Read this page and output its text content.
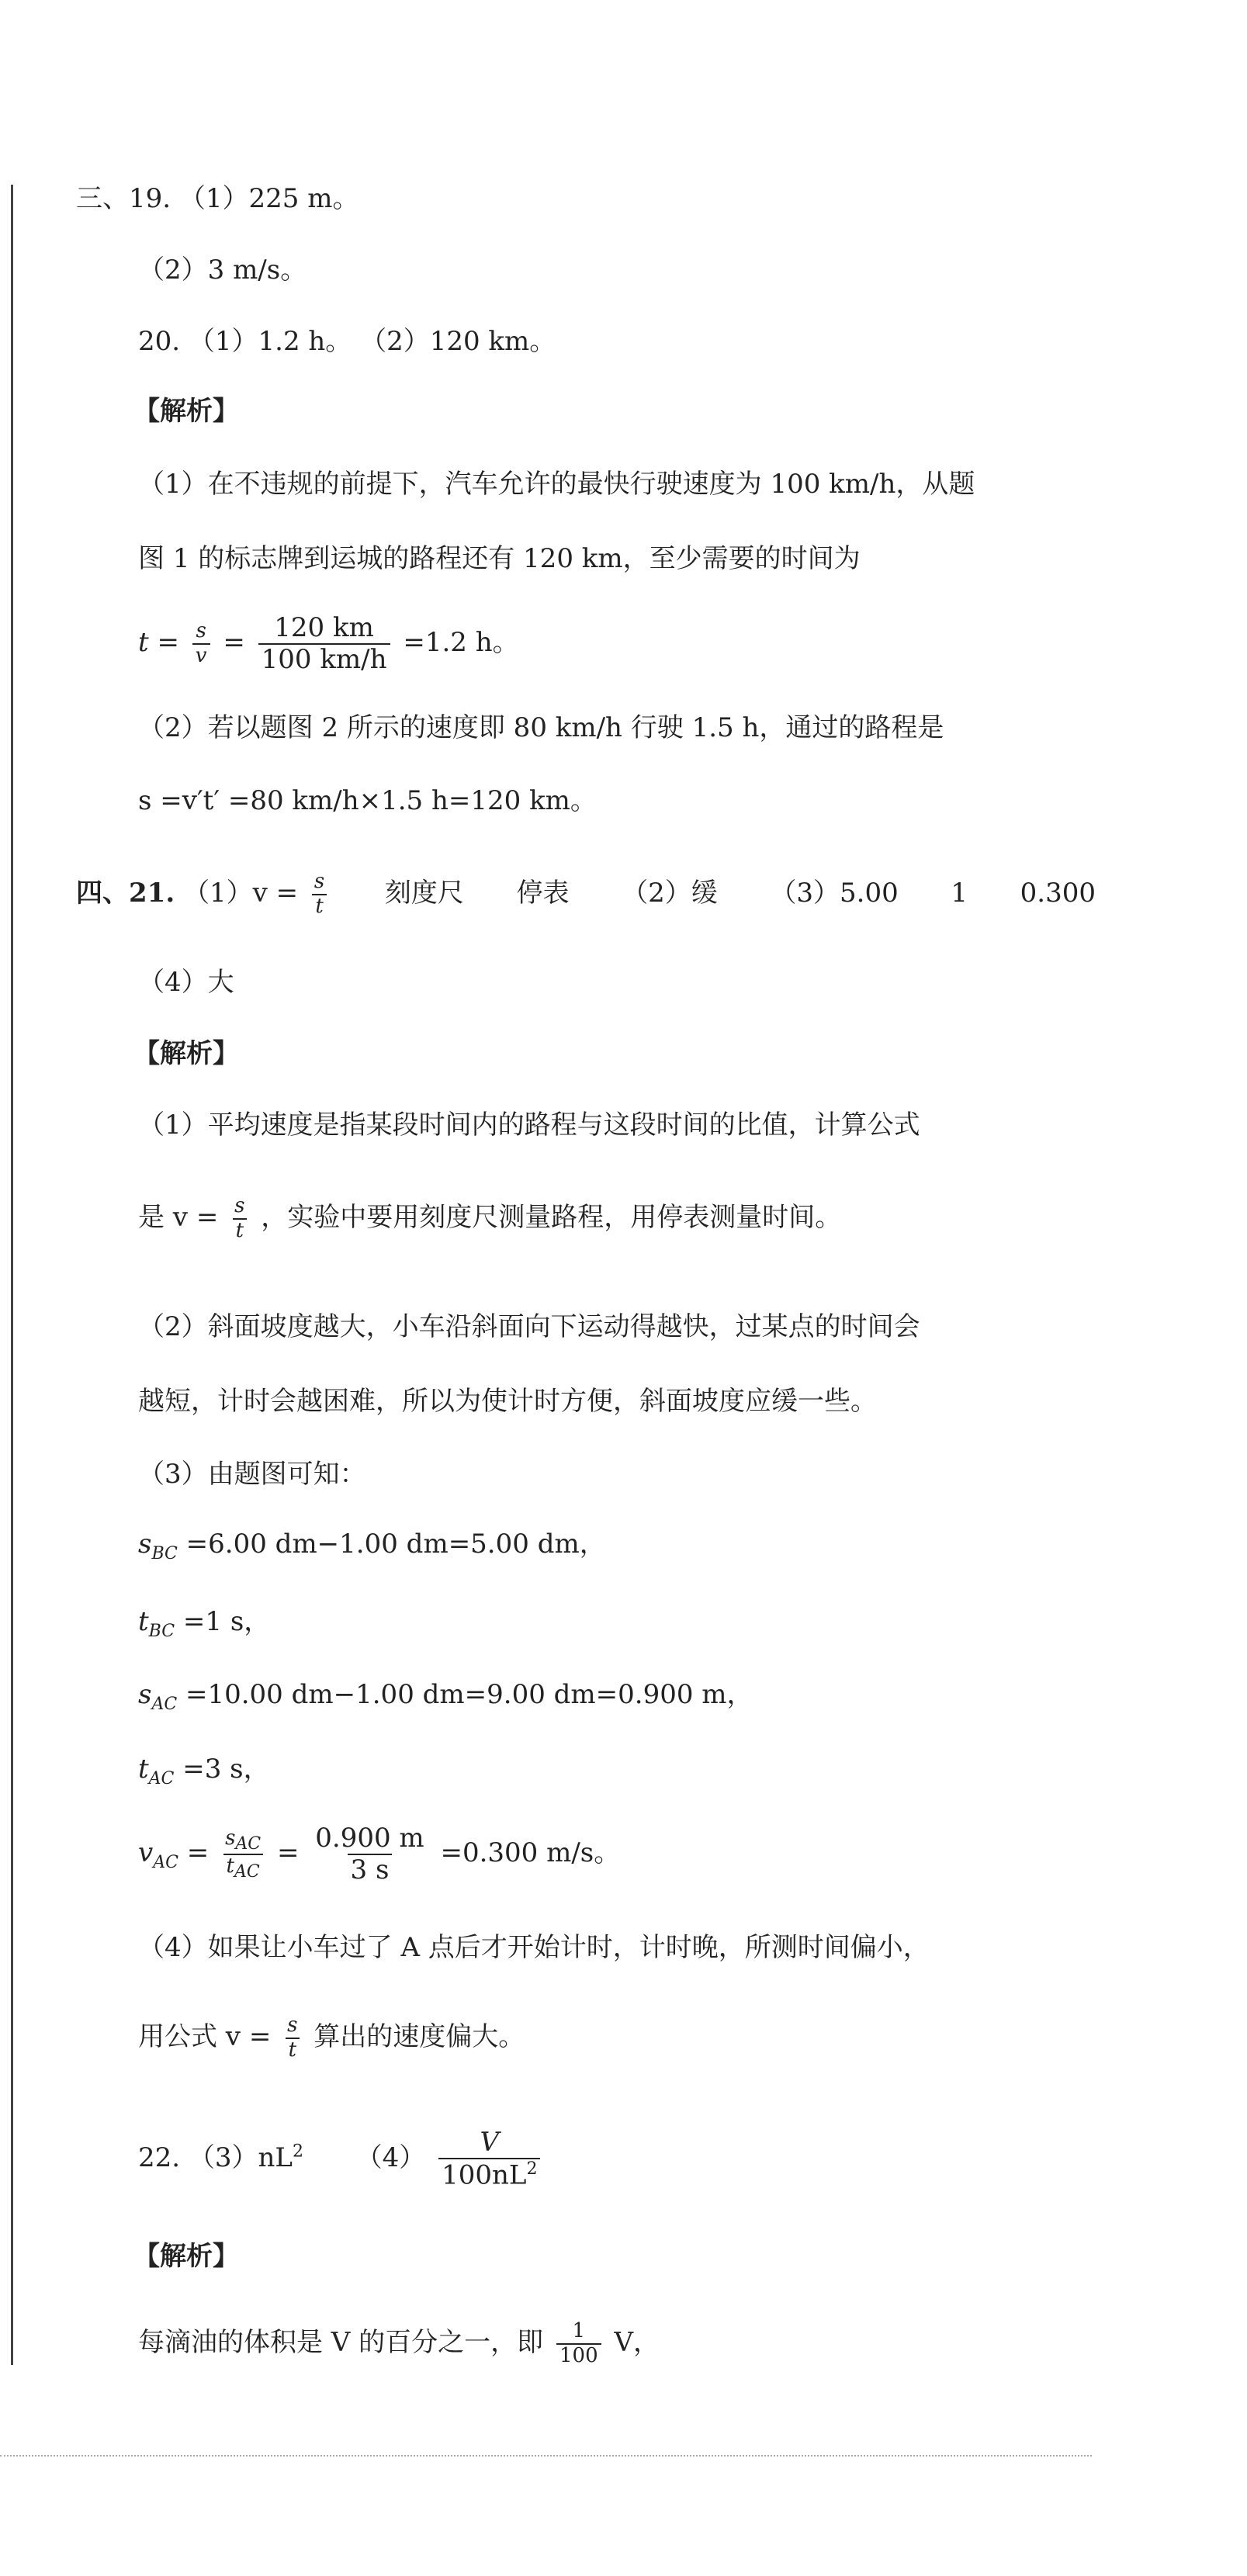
三、19. （1）225 m。
（2）3 m/s。
20. （1）1.2 h。 （2）120 km。
【解析】
（1）在不违规的前提下，汽车允许的最快行驶速度为 100 km/h，从题
图 1 的标志牌到运城的路程还有 120 km，至少需要的时间为
$t = \frac{s}{v} = \frac{120 km}{100 km/h} =1.2$ h。
（2）若以题图 2 所示的速度即 80 km/h 行驶 1.5 h，通过的路程是
s =v′t′ =80 km/h×1.5 h=120 km。
四、21. $(1)v = \frac{s}{t}$ 刻度尺 停表 （2）缓 （3）5.00 1 0.300
（4）大
【解析】
（1）平均速度是指某段时间内的路程与这段时间的比值，计算公式
是 $v = \frac{s}{t}$ ，实验中要用刻度尺测量路程，用停表测量时间。
（2）斜面坡度越大，小车沿斜面向下运动得越快，过某点的时间会
越短，计时会越困难，所以为使计时方便，斜面坡度应缓一些。
（3）由题图可知：
$s_{BC} =6.00$ dm−1.00 dm=5.00 dm，
$t_{BC} =1$ s，
$s_{AC} =10.00$ dm−1.00 dm=9.00 dm=0.900 m，
$t_{AC} =3$ s，
$v_{AC} = \frac{s_{AC}}{t_{AC}} = \frac{0.900 m}{3 s} =0.300$ m/s。
（4）如果让小车过了 A 点后才开始计时，计时晚，所测时间偏小，
用公式 $v = \frac{s}{t}$ 算出的速度偏大。
22. $(3)nL^2$ $(4) \frac{V}{100nL^2}$
【解析】
每滴油的体积是 V 的百分之一，即 $\frac{1}{100}$ V，
